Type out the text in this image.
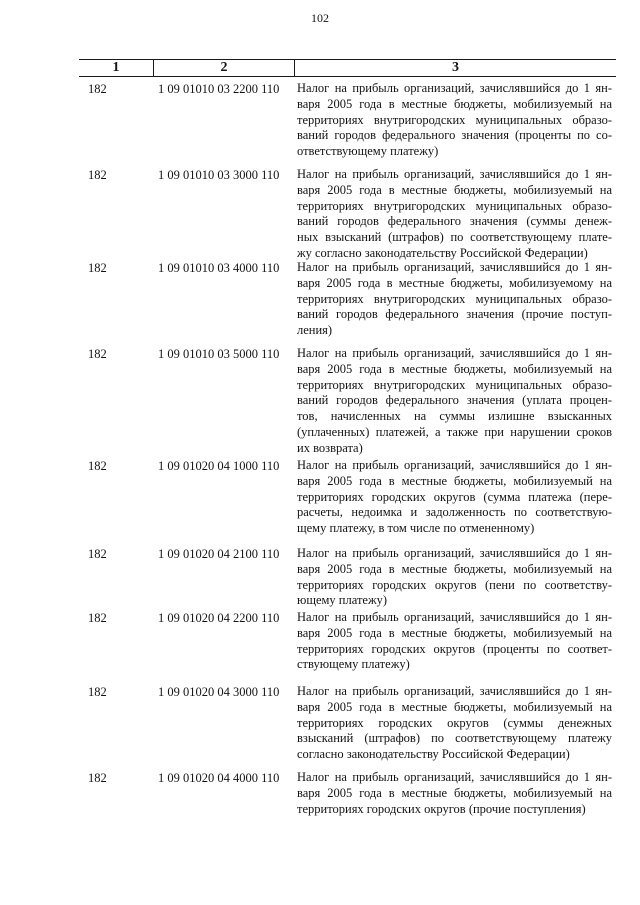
102
1	2	3
182	1 09 01010 03 2200 110 Налог на прибыль организаций, зачислявшийся до 1 ян-
варя 2005 года в местные бюджеты, мобилизуемый на
территориях внутригородских муниципальных образо-
ваний городов федерального значения (проценты по со-
ответствующему платежу)
182	1 09 01010 03 3000 110 Налог на прибыль организаций, зачислявшийся до 1 ян-
варя 2005 года в местные бюджеты, мобилизуемый на
территориях внутригородских муниципальных образо-
ваний городов федерального значения (суммы денеж-
ных взысканий (штрафов) по соответствующему плате-
жу согласно законодательству Российской Федерации)
182	1 09 01010 03 4000 110 Налог на прибыль организаций, зачислявшийся до 1 ян-
варя 2005 года в местные бюджеты, мобилизуемому на
территориях внутригородских муниципальных образо-
ваний городов федерального значения (прочие поступ-
ления)
182	1 09 01010 03 5000 110 Налог на прибыль организаций, зачислявшийся до 1 ян-
варя 2005 года в местные бюджеты, мобилизуемый на
территориях внутригородских муниципальных образо-
ваний городов федерального значения (уплата процен-
тов, начисленных на суммы излишне взысканных
(уплаченных) платежей, а также при нарушении сроков
их возврата)
182	1 09 01020 04 1000 110 Налог на прибыль организаций, зачислявшийся до 1 ян-
варя 2005 года в местные бюджеты, мобилизуемый на
территориях городских округов (сумма платежа (пере-
расчеты, недоимка и задолженность по соответствую-
щему платежу, в том числе по отмененному)
182	1 09 01020 04 2100 110 Налог на прибыль организаций, зачислявшийся до 1 ян-
варя 2005 года в местные бюджеты, мобилизуемый на
территориях городских округов (пени по соответству-
ющему платежу)
182	1 09 01020 04 2200 110 Налог на прибыль организаций, зачислявшийся до 1 ян-
варя 2005 года в местные бюджеты, мобилизуемый на
территориях городских округов (проценты по соответ-
ствующему платежу)
182	1 09 01020 04 3000 110 Налог на прибыль организаций, зачислявшийся до 1 ян-
варя 2005 года в местные бюджеты, мобилизуемый на
территориях городских округов (суммы денежных
взысканий (штрафов) по соответствующему платежу
согласно законодательству Российской Федерации)
182	1 09 01020 04 4000 110 Налог на прибыль организаций, зачислявшийся до 1 ян-
варя 2005 года в местные бюджеты, мобилизуемый на
территориях городских округов (прочие поступления)
